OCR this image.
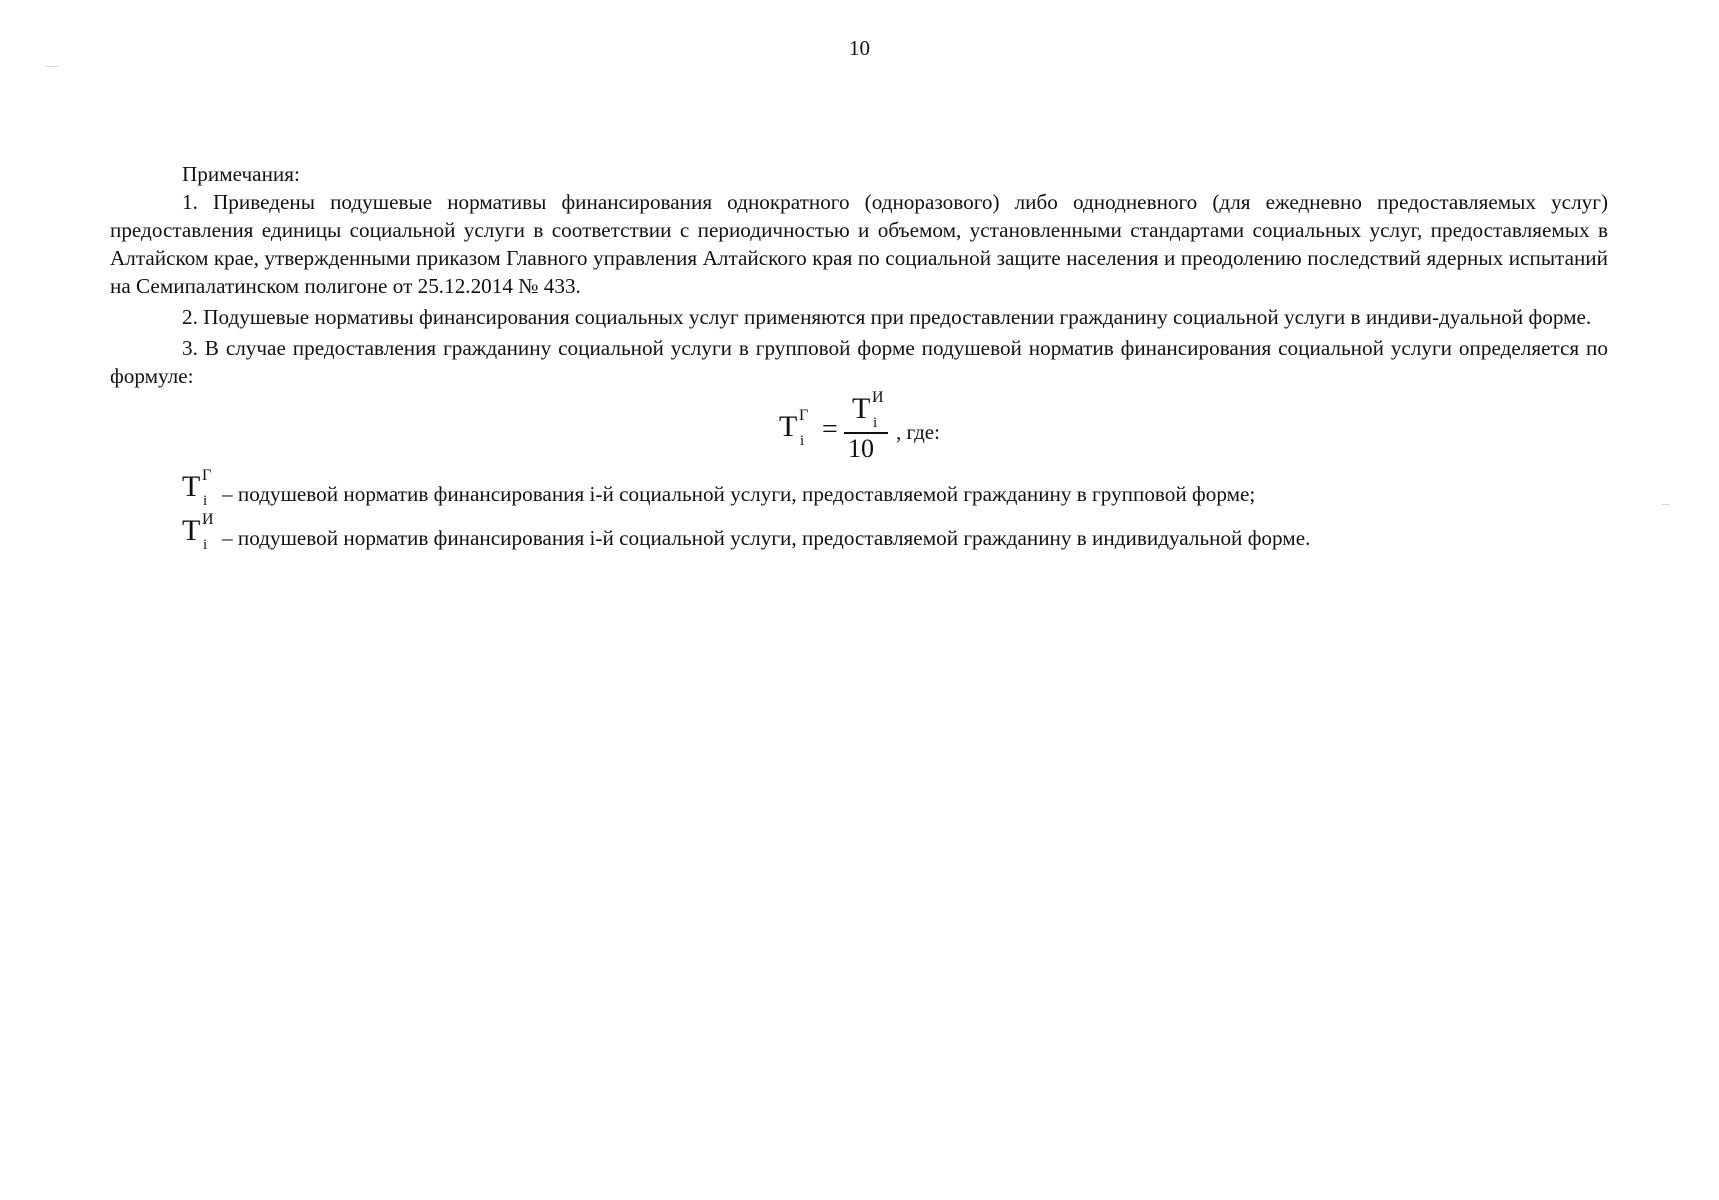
10

Примечания:

1. Приведены подушевые нормативы финансирования однократного (одноразового) либо однодневного (для ежедневно предоставляемых услуг) предоставления единицы социальной услуги в соответствии с периодичностью и объемом, установленными стандартами социальных услуг, предоставляемых в Алтайском крае, утвержденными приказом Главного управления Алтайского края по социальной защите населения и преодолению последствий ядерных испытаний на Семипалатинском полигоне от 25.12.2014 № 433.

2. Подушевые нормативы финансирования социальных услуг применяются при предоставлении гражданину социальной услуги в индиви-дуальной форме.

3. В случае предоставления гражданину социальной услуги в групповой форме подушевой норматив финансирования социальной услуги определяется по формуле:

T Г
i =
T И
i
10
, где:
T Г
i – подушевой норматив финансирования i-й социальной услуги, предоставляемой гражданину в групповой форме;
T И
i – подушевой норматив финансирования i-й социальной услуги, предоставляемой гражданину в индивидуальной форме.
